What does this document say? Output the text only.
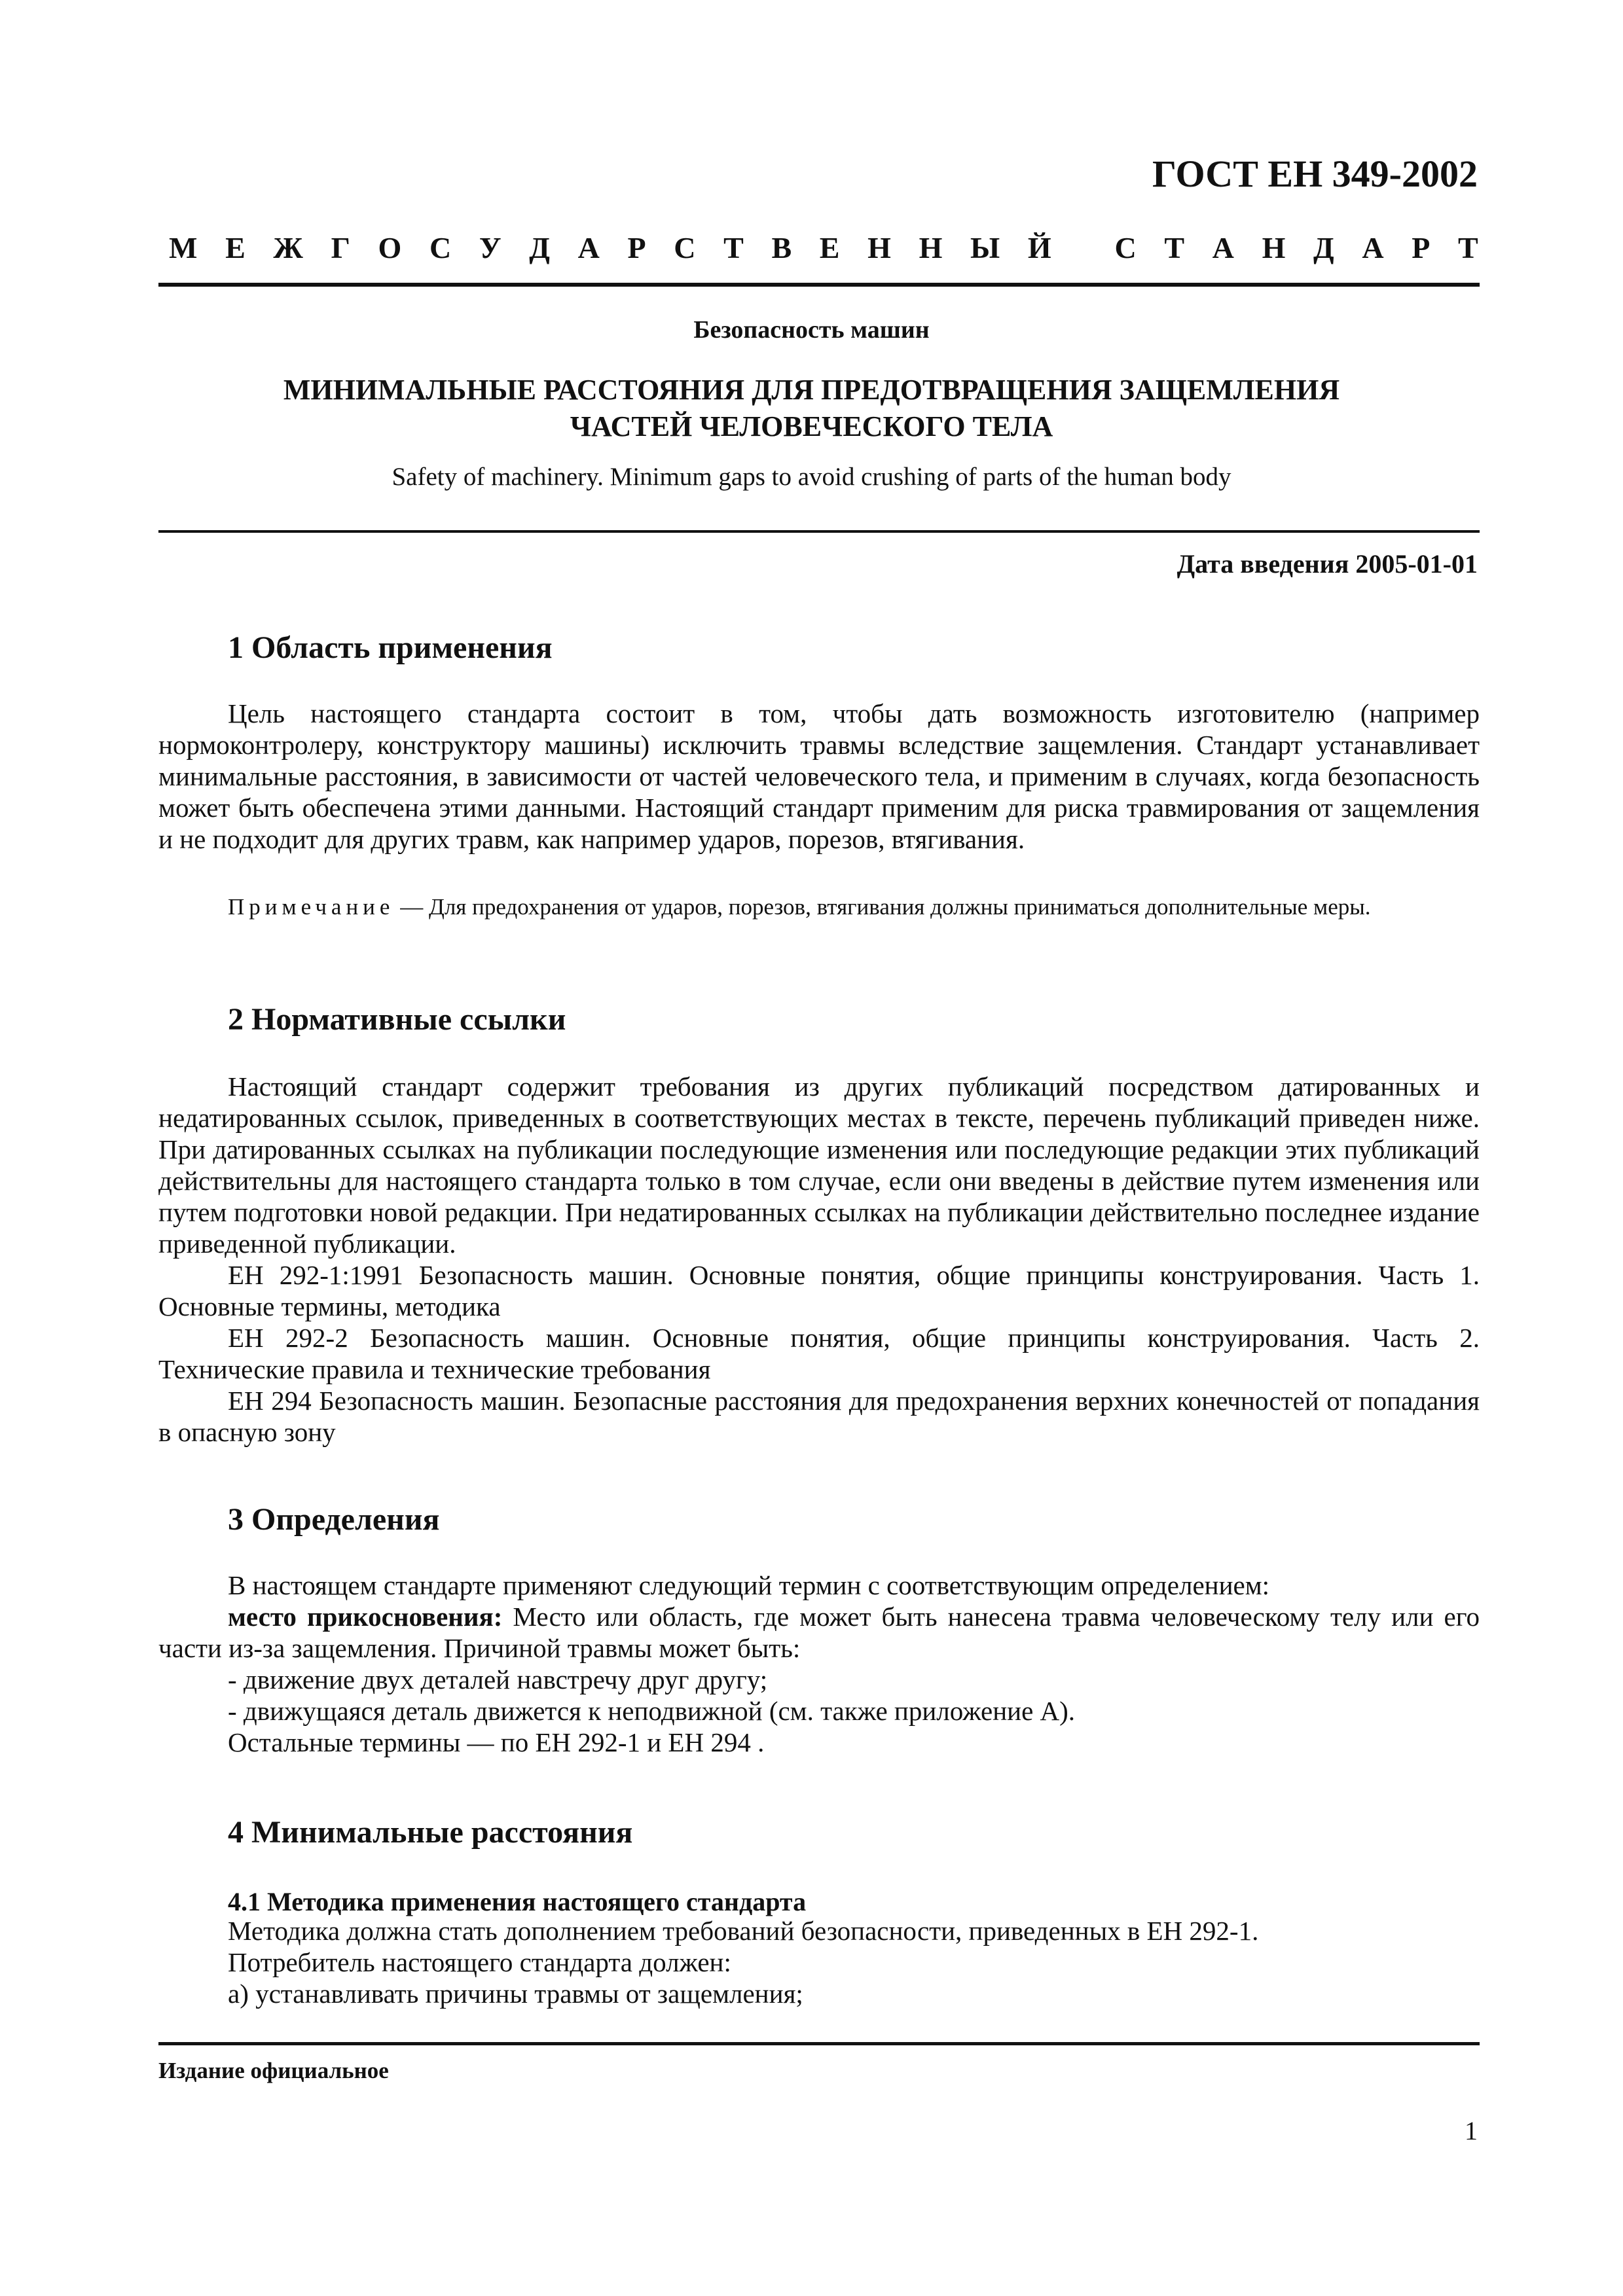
ГОСТ ЕН 349-2002
М Е Ж Г О С У Д А Р С Т В Е Н Н Ы Й
С Т А Н Д А Р Т
Безопасность машин
МИНИМАЛЬНЫЕ РАССТОЯНИЯ ДЛЯ ПРЕДОТВРАЩЕНИЯ ЗАЩЕМЛЕНИЯ
ЧАСТЕЙ ЧЕЛОВЕЧЕСКОГО ТЕЛА
Safety of machinery. Minimum gaps to avoid crushing of parts of the human body
Дата введения 2005-01-01
1 Область применения

Цель настоящего стандарта состоит в том, чтобы дать возможность изготовителю (например нормоконтролеру, конструктору машины) исключить травмы вследствие защемления. Стандарт устанавливает минимальные расстояния, в зависимости от частей человеческого тела, и применим в случаях, когда безопасность может быть обеспечена этими данными. Настоящий стандарт применим для риска травмирования от защемления и не подходит для других травм, как например ударов, порезов, втягивания.

Примечание — Для предохранения от ударов, порезов, втягивания должны приниматься дополнительные меры.

2 Нормативные ссылки

Настоящий стандарт содержит требования из других публикаций посредством датированных и недатированных ссылок, приведенных в соответствующих местах в тексте, перечень публикаций приведен ниже. При датированных ссылках на публикации последующие изменения или последующие редакции этих публикаций действительны для настоящего стандарта только в том случае, если они введены в действие путем изменения или путем подготовки новой редакции. При недатированных ссылках на публикации действительно последнее издание приведенной публикации.

ЕН 292-1:1991 Безопасность машин. Основные понятия, общие принципы конструирования. Часть 1. Основные термины, методика

ЕН 292-2 Безопасность машин. Основные понятия, общие принципы конструирования. Часть 2. Технические правила и технические требования

ЕН 294 Безопасность машин. Безопасные расстояния для предохранения верхних конечностей от попадания в опасную зону

3 Определения

В настоящем стандарте применяют следующий термин с соответствующим определением:

место прикосновения: Место или область, где может быть нанесена травма человеческому телу или его части из-за защемления. Причиной травмы может быть:

- движение двух деталей навстречу друг другу;

- движущаяся деталь движется к неподвижной (см. также приложение А).

Остальные термины — по ЕН 292-1 и ЕН 294 .

4 Минимальные расстояния
4.1 Методика применения настоящего стандарта

Методика должна стать дополнением требований безопасности, приведенных в ЕН 292-1.

Потребитель настоящего стандарта должен:

а) устанавливать причины травмы от защемления;

Издание официальное
1
